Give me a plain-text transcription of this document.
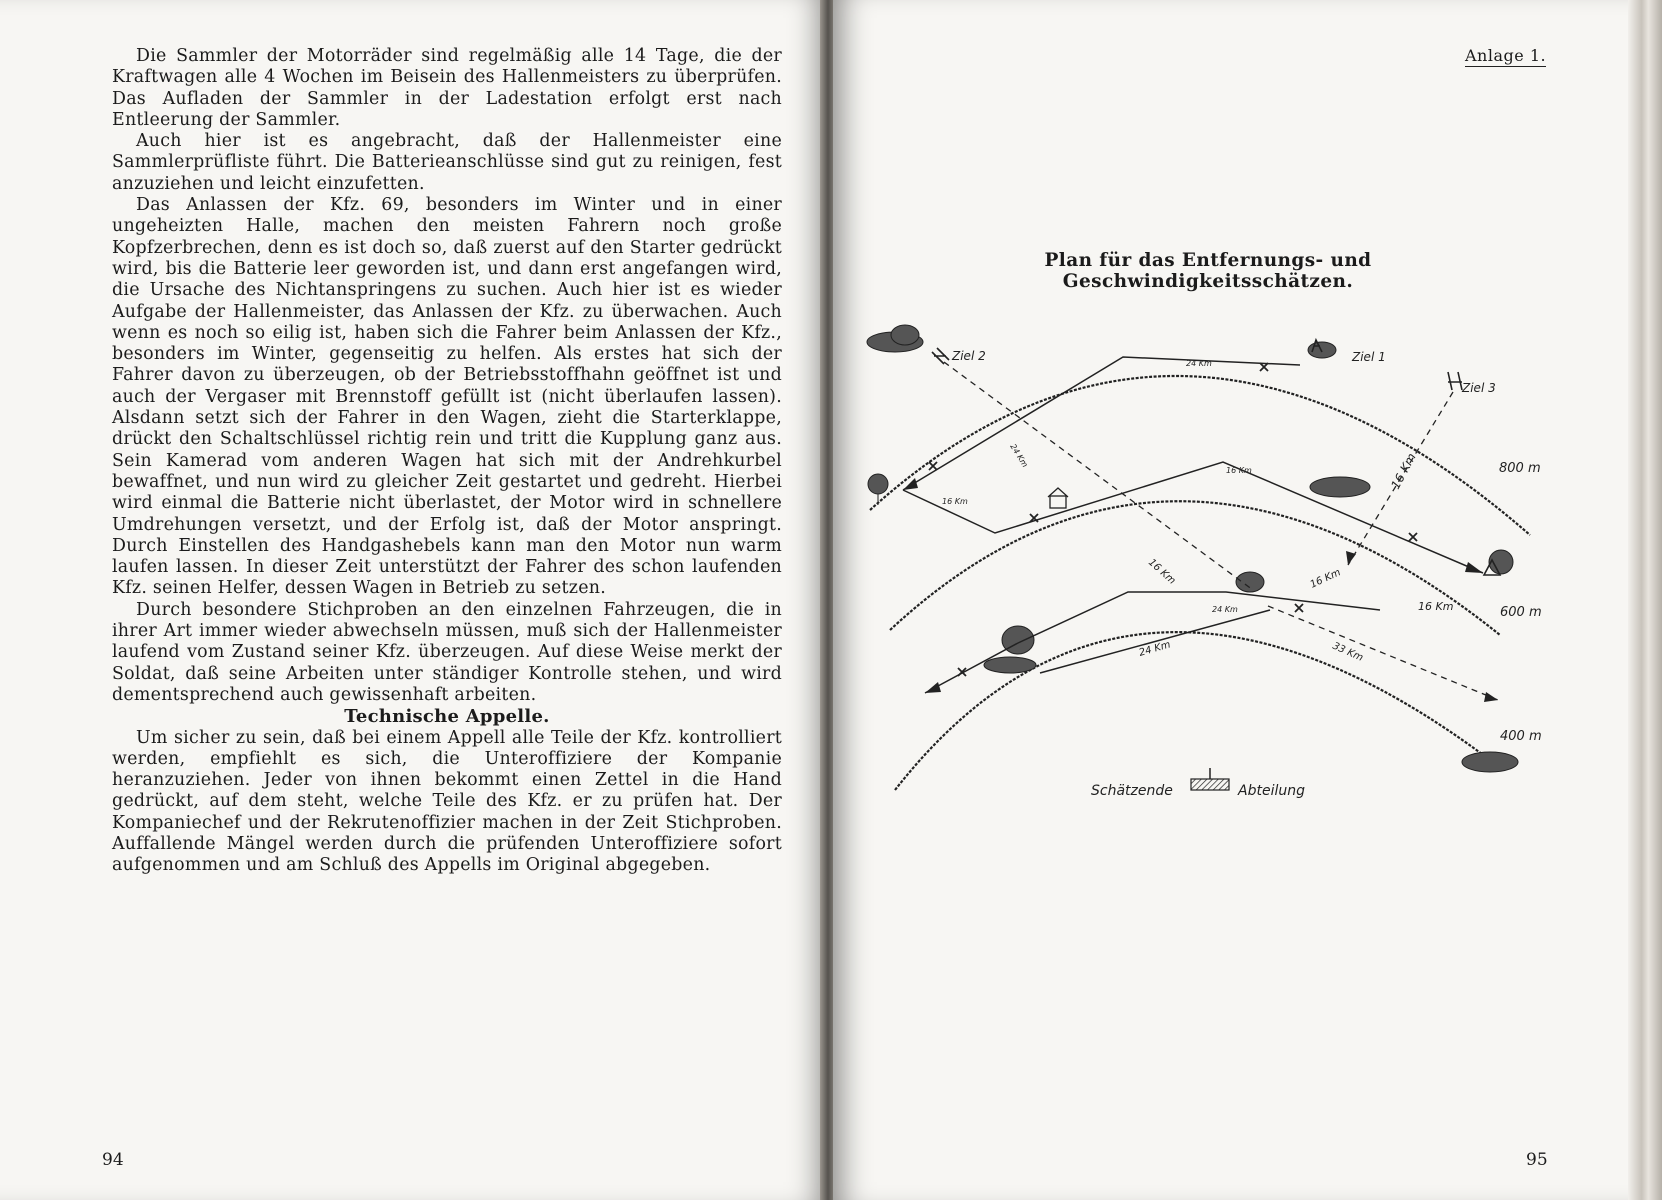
Die Sammler der Motorräder sind regelmäßig alle 14 Tage, die der Kraftwagen alle 4 Wochen im Beisein des Hallenmeisters zu überprüfen. Das Aufladen der Sammler in der Ladestation erfolgt erst nach Entleerung der Sammler.

Auch hier ist es angebracht, daß der Hallenmeister eine Sammlerprüfliste führt. Die Batterieanschlüsse sind gut zu reinigen, fest anzuziehen und leicht einzufetten.

Das Anlassen der Kfz. 69, besonders im Winter und in einer ungeheizten Halle, machen den meisten Fahrern noch große Kopfzerbrechen, denn es ist doch so, daß zuerst auf den Starter gedrückt wird, bis die Batterie leer geworden ist, und dann erst angefangen wird, die Ursache des Nichtanspringens zu suchen. Auch hier ist es wieder Aufgabe der Hallenmeister, das Anlassen der Kfz. zu überwachen. Auch wenn es noch so eilig ist, haben sich die Fahrer beim Anlassen der Kfz., besonders im Winter, gegenseitig zu helfen. Als erstes hat sich der Fahrer davon zu überzeugen, ob der Betriebsstoffhahn geöffnet ist und auch der Vergaser mit Brennstoff gefüllt ist (nicht überlaufen lassen). Alsdann setzt sich der Fahrer in den Wagen, zieht die Starterklappe, drückt den Schaltschlüssel richtig rein und tritt die Kupplung ganz aus. Sein Kamerad vom anderen Wagen hat sich mit der Andrehkurbel bewaffnet, und nun wird zu gleicher Zeit gestartet und gedreht. Hierbei wird einmal die Batterie nicht überlastet, der Motor wird in schnellere Umdrehungen versetzt, und der Erfolg ist, daß der Motor anspringt. Durch Einstellen des Handgashebels kann man den Motor nun warm laufen lassen. In dieser Zeit unterstützt der Fahrer des schon laufenden Kfz. seinen Helfer, dessen Wagen in Betrieb zu setzen.

Durch besondere Stichproben an den einzelnen Fahrzeugen, die in ihrer Art immer wieder abwechseln müssen, muß sich der Hallenmeister laufend vom Zustand seiner Kfz. überzeugen. Auf diese Weise merkt der Soldat, daß seine Arbeiten unter ständiger Kontrolle stehen, und wird dementsprechend auch gewissenhaft arbeiten.

Technische Appelle.

Um sicher zu sein, daß bei einem Appell alle Teile der Kfz. kontrolliert werden, empfiehlt es sich, die Unteroffiziere der Kompanie heranzuziehen. Jeder von ihnen bekommt einen Zettel in die Hand gedrückt, auf dem steht, welche Teile des Kfz. er zu prüfen hat. Der Kompaniechef und der Rekrutenoffizier machen in der Zeit Stichproben. Auffallende Mängel werden durch die prüfenden Unteroffiziere sofort aufgenommen und am Schluß des Appells im Original abgegeben.

94
Anlage 1.
Plan für das Entfernungs- und Geschwindigkeitsschätzen.
Ziel 2	Ziel 1
Ziel 3
800 m
600 m
400 m
24 Km
24 Km
16 Km
16 Km	16 Km
16 Km	16 Km
16 Km
24 Km
24 Km	33 Km
Schätzende	Abteilung
95
